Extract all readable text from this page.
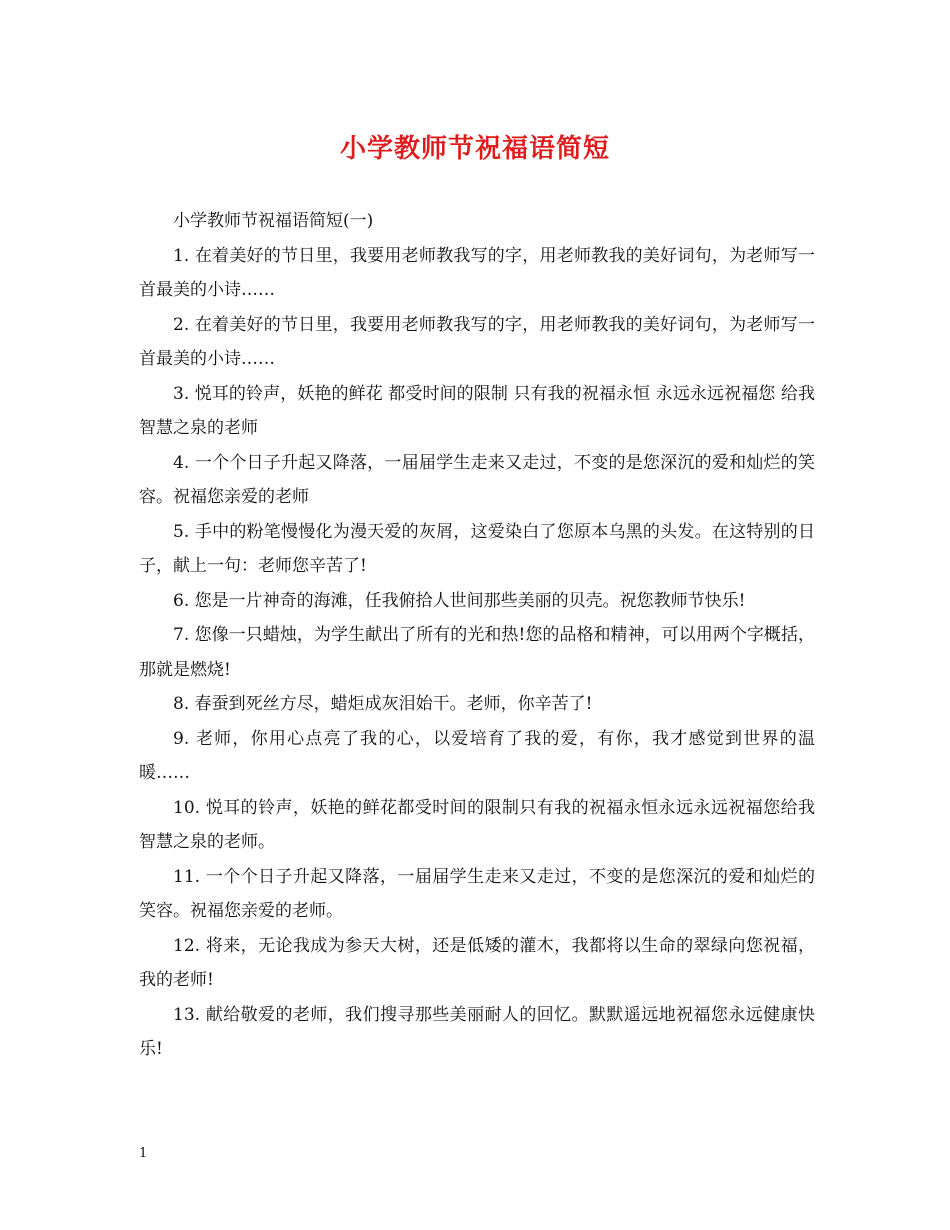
小学教师节祝福语简短

小学教师节祝福语简短(一)

1. 在着美好的节日里，我要用老师教我写的字，用老师教我的美好词句，为老师写一首最美的小诗……

2. 在着美好的节日里，我要用老师教我写的字，用老师教我的美好词句，为老师写一首最美的小诗……

3. 悦耳的铃声，妖艳的鲜花 都受时间的限制 只有我的祝福永恒 永远永远祝福您 给我智慧之泉的老师

4. 一个个日子升起又降落，一届届学生走来又走过，不变的是您深沉的爱和灿烂的笑容。祝福您亲爱的老师

5. 手中的粉笔慢慢化为漫天爱的灰屑，这爱染白了您原本乌黑的头发。在这特别的日子，献上一句：老师您辛苦了!

6. 您是一片神奇的海滩，任我俯拾人世间那些美丽的贝壳。祝您教师节快乐!

7. 您像一只蜡烛，为学生献出了所有的光和热!您的品格和精神，可以用两个字概括，那就是燃烧!

8. 春蚕到死丝方尽，蜡炬成灰泪始干。老师，你辛苦了!

9. 老师，你用心点亮了我的心，以爱培育了我的爱，有你，我才感觉到世界的温暖……

10. 悦耳的铃声，妖艳的鲜花都受时间的限制只有我的祝福永恒永远永远祝福您给我智慧之泉的老师。

11. 一个个日子升起又降落，一届届学生走来又走过，不变的是您深沉的爱和灿烂的笑容。祝福您亲爱的老师。

12. 将来，无论我成为参天大树，还是低矮的灌木，我都将以生命的翠绿向您祝福，我的老师!

13. 献给敬爱的老师，我们搜寻那些美丽耐人的回忆。默默遥远地祝福您永远健康快乐!

1
